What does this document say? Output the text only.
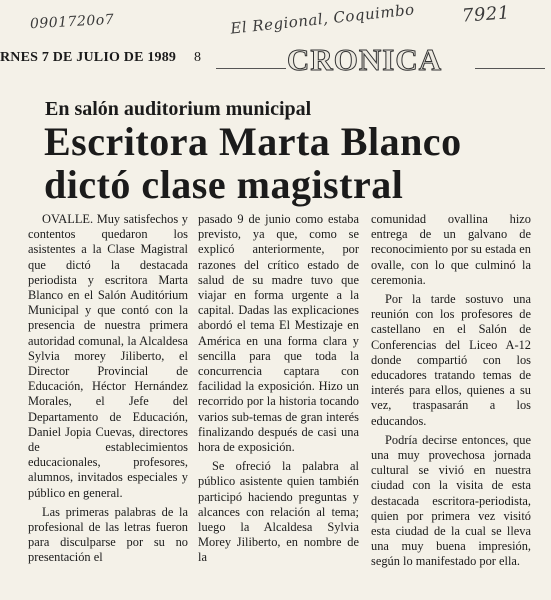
0901720o7	El Regional, Coquimbo	7921
RNES 7 DE JULIO DE 1989 8	CRONICA
En salón auditorium municipal
Escritora Marta Blanco dictó clase magistral

OVALLE. Muy satisfechos y contentos quedaron los asistentes a la Clase Magistral que dictó la destacada periodista y escritora Marta Blanco en el Salón Auditórium Municipal y que contó con la presencia de nuestra primera autoridad comunal, la Alcaldesa Sylvia morey Jiliberto, el Director Provincial de Educación, Héctor Hernández Morales, el Jefe del Departamento de Educación, Daniel Jopia Cuevas, directores de establecimientos educacionales, profesores, alumnos, invitados especiales y público en general.

Las primeras palabras de la profesional de las letras fueron para disculparse por su no presentación el

pasado 9 de junio como estaba previsto, ya que, como se explicó anteriormente, por razones del crítico estado de salud de su madre tuvo que viajar en forma urgente a la capital. Dadas las explicaciones abordó el tema El Mestizaje en América en una forma clara y sencilla para que toda la concurrencia captara con facilidad la exposición. Hizo un recorrido por la historia tocando varios sub-temas de gran interés finalizando después de casi una hora de exposición.

Se ofreció la palabra al público asistente quien también participó haciendo preguntas y alcances con relación al tema; luego la Alcaldesa Sylvia Morey Jiliberto, en nombre de la

comunidad ovallina hizo entrega de un galvano de reconocimiento por su estada en ovalle, con lo que culminó la ceremonia.

Por la tarde sostuvo una reunión con los profesores de castellano en el Salón de Conferencias del Liceo A-12 donde compartió con los educadores tratando temas de interés para ellos, quienes a su vez, traspasarán a los educandos.

Podría decirse entonces, que una muy provechosa jornada cultural se vivió en nuestra ciudad con la visita de esta destacada escritora-periodista, quien por primera vez visitó esta ciudad de la cual se lleva una muy buena impresión, según lo manifestado por ella.
